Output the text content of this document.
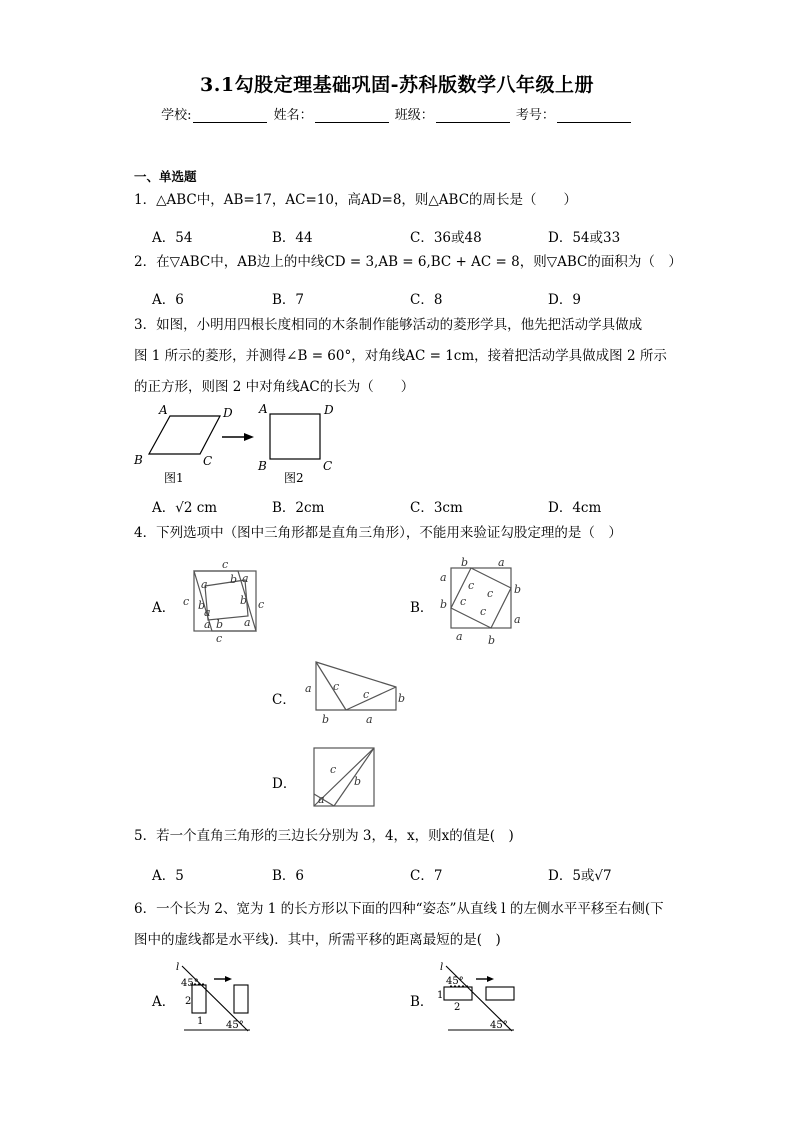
3.1勾股定理基础巩固-苏科版数学八年级上册
学校:	姓名：	班级：	考号：
一、单选题
1．△ABC中，AB=17，AC=10，高AD=8，则△ABC的周长是（　　）
A．54	B．44	C．36或48	D．54或33
2．在▽ABC中，AB边上的中线CD = 3,AB = 6,BC + AC = 8，则▽ABC的面积为（　）
A．6	B．7	C．8	D．9
3．如图，小明用四根长度相同的木条制作能够活动的菱形学具，他先把活动学具做成
图 1 所示的菱形，并测得∠B = 60°，对角线AC = 1cm，接着把活动学具做成图 2 所示
的正方形，则图 2 中对角线AC的长为（　　）
A	D
B	C
A	D
B	C
图1	图2
A．√2 cm	B．2cm	C．3cm	D．4cm
4．下列选项中（图中三角形都是直角三角形），不能用来验证勾股定理的是（　）
A．
c
c	c
c
a b a
b
b
a
a b a
B．
b	a
a
b
b
a
a b
c
c
c
c
C．
a c
c	b
b	a
D．
c
b
a
5．若一个直角三角形的三边长分别为 3，4，x，则x的值是(　)
A．5	B．6	C．7	D．5或√7
6．一个长为 2、宽为 1 的长方形以下面的四种“姿态”从直线 l 的左侧水平平移至右侧(下
图中的虚线都是水平线)．其中，所需平移的距离最短的是(　)
A．
l
45°
2
1 45°
B．
l
45°
1
2
45°
